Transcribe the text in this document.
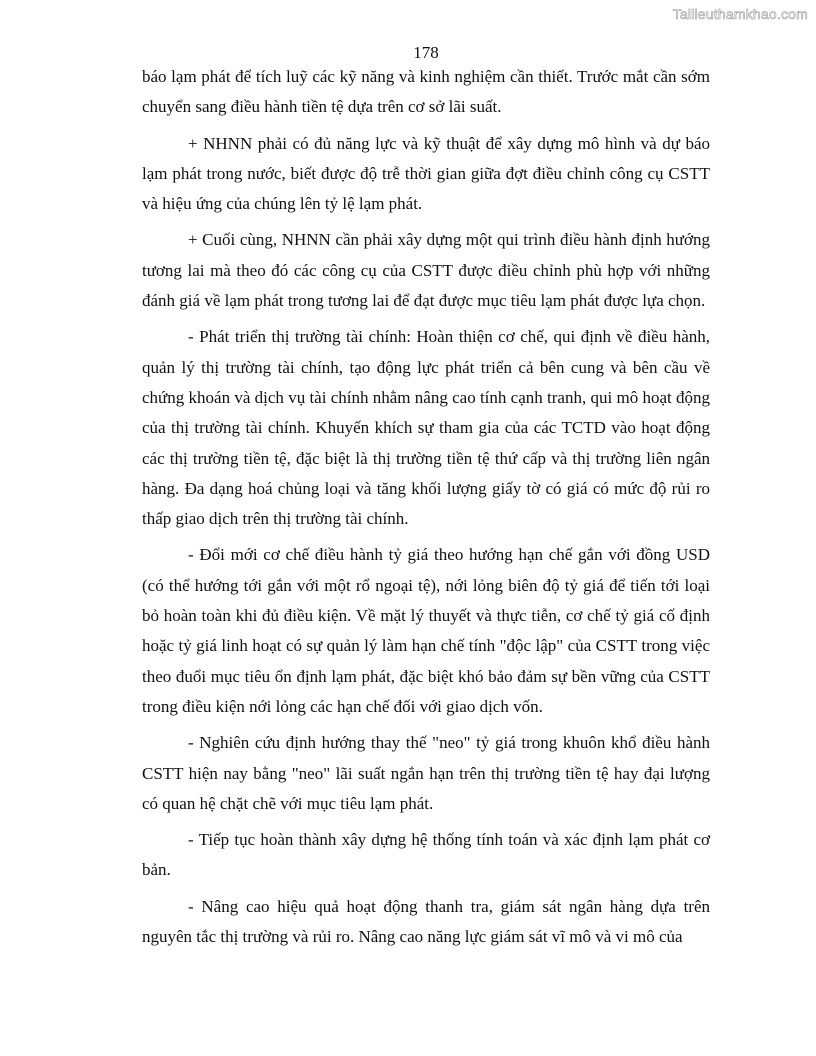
Tailieuthamkhao.com
178

báo lạm phát để tích luỹ các kỹ năng và kinh nghiệm cần thiết. Trước mắt cần sớm chuyển sang điều hành tiền tệ dựa trên cơ sở lãi suất.

+ NHNN phải có đủ năng lực và kỹ thuật để xây dựng mô hình và dự báo lạm phát trong nước, biết được độ trễ thời gian giữa đợt điều chỉnh công cụ CSTT và hiệu ứng của chúng lên tỷ lệ lạm phát.

+ Cuối cùng, NHNN cần phải xây dựng một qui trình điều hành định hướng tương lai mà theo đó các công cụ của CSTT được điều chỉnh phù hợp với những đánh giá về lạm phát trong tương lai để đạt được mục tiêu lạm phát được lựa chọn.

- Phát triển thị trường tài chính: Hoàn thiện cơ chế, qui định về điều hành, quản lý thị trường tài chính, tạo động lực phát triển cả bên cung và bên cầu về chứng khoán và dịch vụ tài chính nhằm nâng cao tính cạnh tranh, qui mô hoạt động của thị trường tài chính. Khuyến khích sự tham gia của các TCTD vào hoạt động các thị trường tiền tệ, đặc biệt là thị trường tiền tệ thứ cấp và thị trường liên ngân hàng. Đa dạng hoá chủng loại và tăng khối lượng giấy tờ có giá có mức độ rủi ro thấp giao dịch trên thị trường tài chính.

- Đổi mới cơ chế điều hành tỷ giá theo hướng hạn chế gắn với đồng USD (có thể hướng tới gắn với một rổ ngoại tệ), nới lỏng biên độ tỷ giá để tiến tới loại bỏ hoàn toàn khi đủ điều kiện. Về mặt lý thuyết và thực tiễn, cơ chế tỷ giá cố định hoặc tỷ giá linh hoạt có sự quản lý làm hạn chế tính "độc lập" của CSTT trong việc theo đuổi mục tiêu ổn định lạm phát, đặc biệt khó bảo đảm sự bền vững của CSTT trong điều kiện nới lỏng các hạn chế đối với giao dịch vốn.

- Nghiên cứu định hướng thay thế "neo" tỷ giá trong khuôn khổ điều hành CSTT hiện nay bằng "neo" lãi suất ngắn hạn trên thị trường tiền tệ hay đại lượng có quan hệ chặt chẽ với mục tiêu lạm phát.

- Tiếp tục hoàn thành xây dựng hệ thống tính toán và xác định lạm phát cơ bản.

- Nâng cao hiệu quả hoạt động thanh tra, giám sát ngân hàng dựa trên nguyên tắc thị trường và rủi ro. Nâng cao năng lực giám sát vĩ mô và vi mô của
